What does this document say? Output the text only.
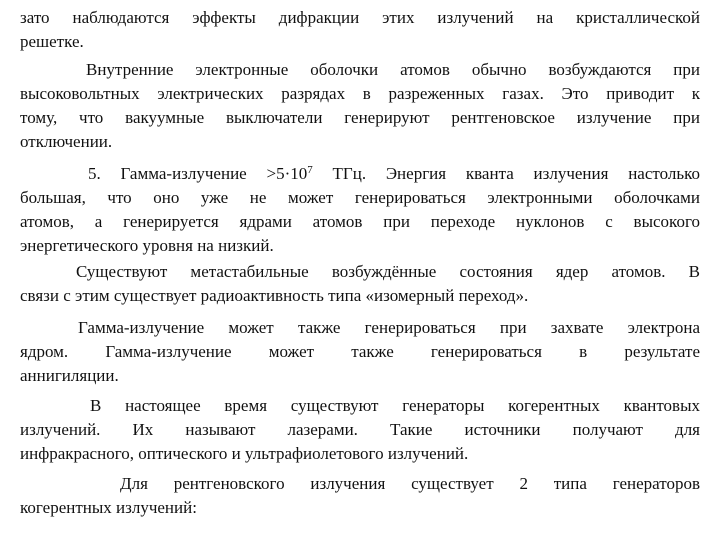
зато наблюдаются эффекты дифракции этих излучений на кристаллической
решетке.
Внутренние электронные оболочки атомов обычно возбуждаются при
высоковольтных электрических разрядах в разреженных газах. Это приводит к
тому, что вакуумные выключатели генерируют рентгеновское излучение при
отключении.
5. Гамма-излучение $>5\cdot 10^7$ ТГц. Энергия кванта излучения настолько
большая, что оно уже не может генерироваться электронными оболочками
атомов, а генерируется ядрами атомов при переходе нуклонов с высокого
энергетического уровня на низкий.
Существуют метастабильные возбуждённые состояния ядер атомов. В
связи с этим существует радиоактивность типа «изомерный переход».
Гамма-излучение может также генерироваться при захвате электрона
ядром. Гамма-излучение может также генерироваться в результате
аннигиляции.
В настоящее время существуют генераторы когерентных квантовых
излучений. Их называют лазерами. Такие источники получают для
инфракрасного, оптического и ультрафиолетового излучений.
Для рентгеновского излучения существует 2 типа генераторов
когерентных излучений:
